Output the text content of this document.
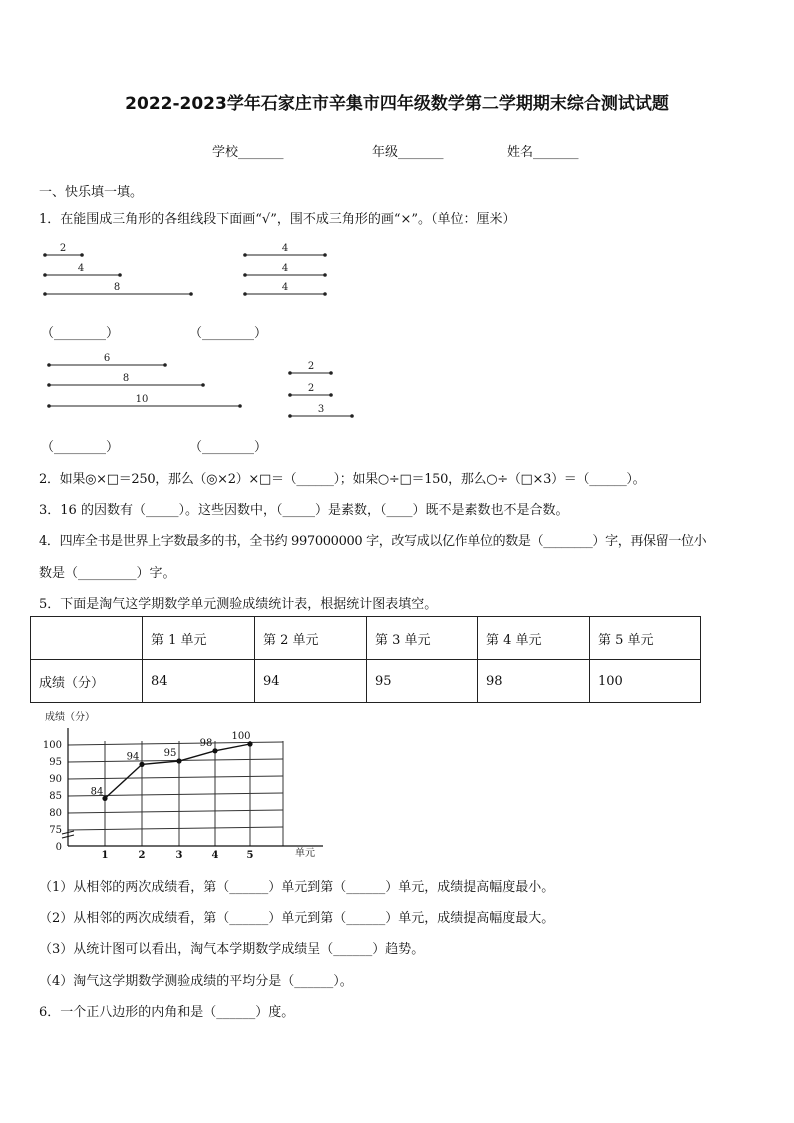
2022-2023学年石家庄市辛集市四年级数学第二学期期末综合测试试题
学校_______	年级_______	姓名_______
一、快乐填一填。
1．在能围成三角形的各组线段下面画“√”，围不成三角形的画“×”。（单位：厘米）
2
4
8
4
4
4
6
8
10
2
2
3
（________）	（________）
（________）	（________）
2．如果◎×□＝250，那么（◎×2）×□＝（______）；如果○÷□＝150，那么○÷（□×3）＝（______）。
3．16 的因数有（_____）。这些因数中，（_____）是素数，（____）既不是素数也不是合数。
4．四库全书是世界上字数最多的书，全书约 997000000 字，改写成以亿作单位的数是（________）字，再保留一位小
数是（_________）字。
5．下面是淘气这学期数学单元测验成绩统计表，根据统计图表填空。
	第 1 单元	第 2 单元	第 3 单元	第 4 单元	第 5 单元
成绩（分）	84	94	95	98	100
成绩（分）
单元
100
95
90
85
80
75
0
1	2	3	4	5
84
94 95
98
100
（1）从相邻的两次成绩看，第（______）单元到第（______）单元，成绩提高幅度最小。
（2）从相邻的两次成绩看，第（______）单元到第（______）单元，成绩提高幅度最大。
（3）从统计图可以看出，淘气本学期数学成绩呈（______）趋势。
（4）淘气这学期数学测验成绩的平均分是（______）。
6．一个正八边形的内角和是（______）度。
